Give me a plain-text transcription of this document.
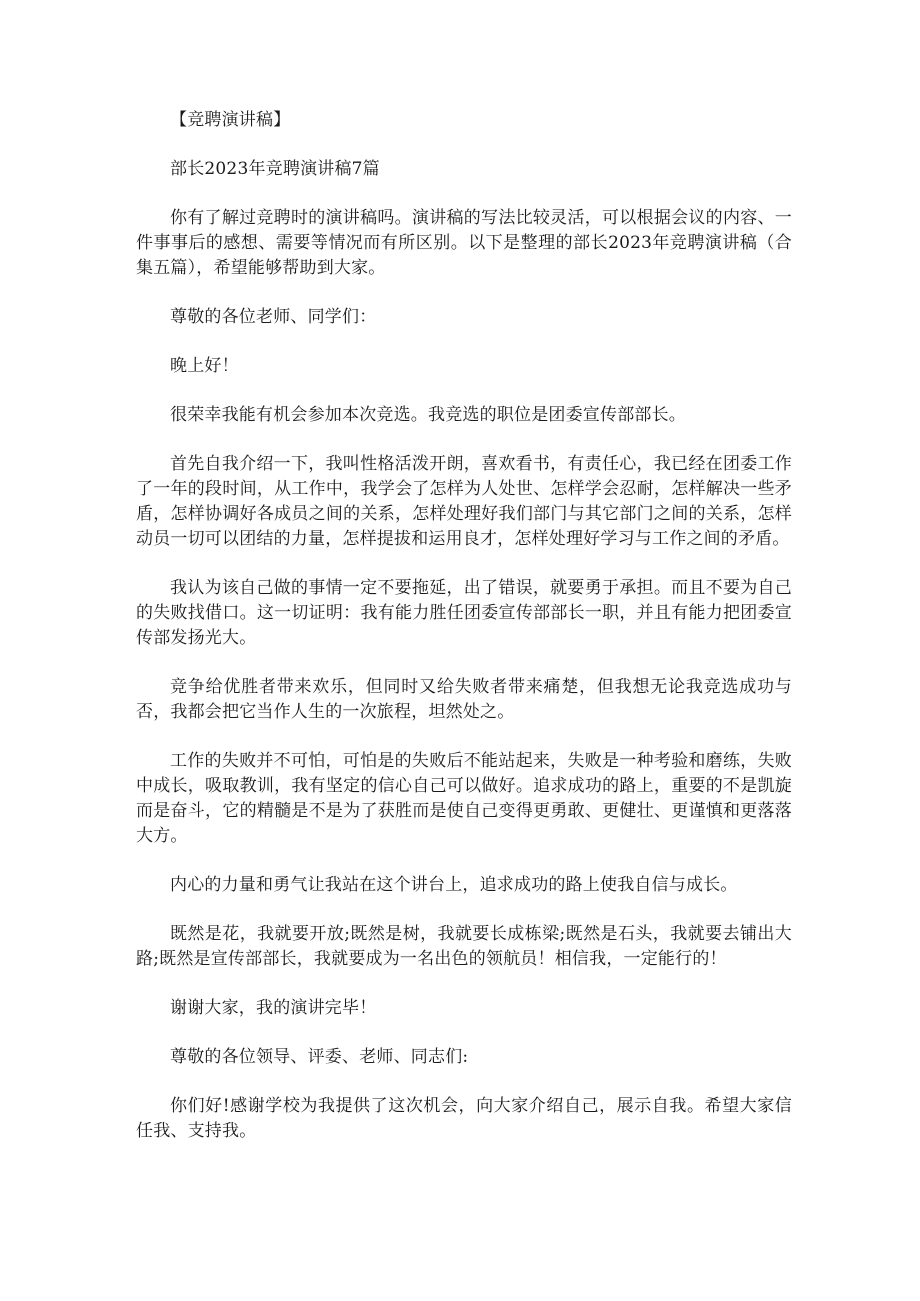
【竞聘演讲稿】

部长2023年竞聘演讲稿7篇

你有了解过竞聘时的演讲稿吗。演讲稿的写法比较灵活，可以根据会议的内容、一件事事后的感想、需要等情况而有所区别。以下是整理的部长2023年竞聘演讲稿（合集五篇），希望能够帮助到大家。

尊敬的各位老师、同学们：

晚上好！

很荣幸我能有机会参加本次竞选。我竞选的职位是团委宣传部部长。

首先自我介绍一下，我叫性格活泼开朗，喜欢看书，有责任心，我已经在团委工作了一年的段时间，从工作中，我学会了怎样为人处世、怎样学会忍耐，怎样解决一些矛盾，怎样协调好各成员之间的关系，怎样处理好我们部门与其它部门之间的关系，怎样动员一切可以团结的力量，怎样提拔和运用良才，怎样处理好学习与工作之间的矛盾。

我认为该自己做的事情一定不要拖延，出了错误，就要勇于承担。而且不要为自己的失败找借口。这一切证明：我有能力胜任团委宣传部部长一职，并且有能力把团委宣传部发扬光大。

竞争给优胜者带来欢乐，但同时又给失败者带来痛楚，但我想无论我竞选成功与否，我都会把它当作人生的一次旅程，坦然处之。

工作的失败并不可怕，可怕是的失败后不能站起来，失败是一种考验和磨练，失败中成长，吸取教训，我有坚定的信心自己可以做好。追求成功的路上，重要的不是凯旋而是奋斗，它的精髓是不是为了获胜而是使自己变得更勇敢、更健壮、更谨慎和更落落大方。

内心的力量和勇气让我站在这个讲台上，追求成功的路上使我自信与成长。

既然是花，我就要开放;既然是树，我就要长成栋梁;既然是石头，我就要去铺出大路;既然是宣传部部长，我就要成为一名出色的领航员！相信我，一定能行的！

谢谢大家，我的演讲完毕！

尊敬的各位领导、评委、老师、同志们:

你们好!感谢学校为我提供了这次机会，向大家介绍自己，展示自我。希望大家信任我、支持我。
